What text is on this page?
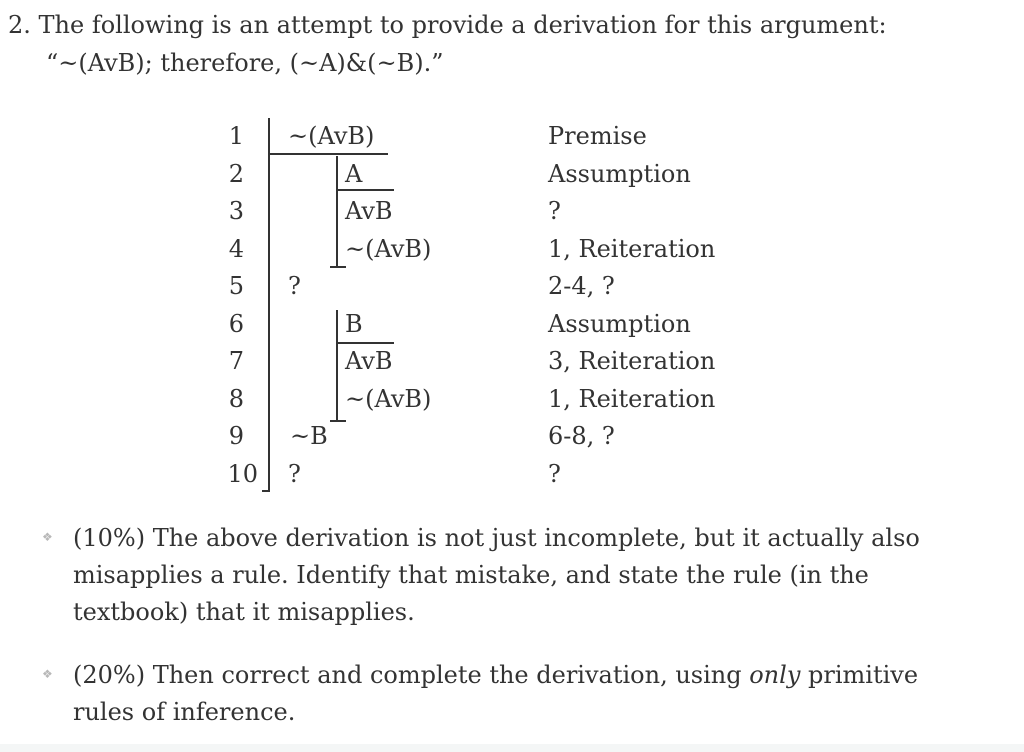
2. The following is an attempt to provide a derivation for this argument:
“~(AvB); therefore, (~A)&(~B).”
1
2
3
4
5
6
7
8
9
10
~(AvB)
A
AvB
~(AvB)
?
B
AvB
~(AvB)
~B
?
Premise
Assumption
?
1, Reiteration
2-4, ?
Assumption
3, Reiteration
1, Reiteration
6-8, ?
?
❖ (10%) The above derivation is not just incomplete, but it actually also misapplies a rule. Identify that mistake, and state the rule (in the textbook) that it misapplies.
❖ (20%) Then correct and complete the derivation, using only primitive rules of inference.
